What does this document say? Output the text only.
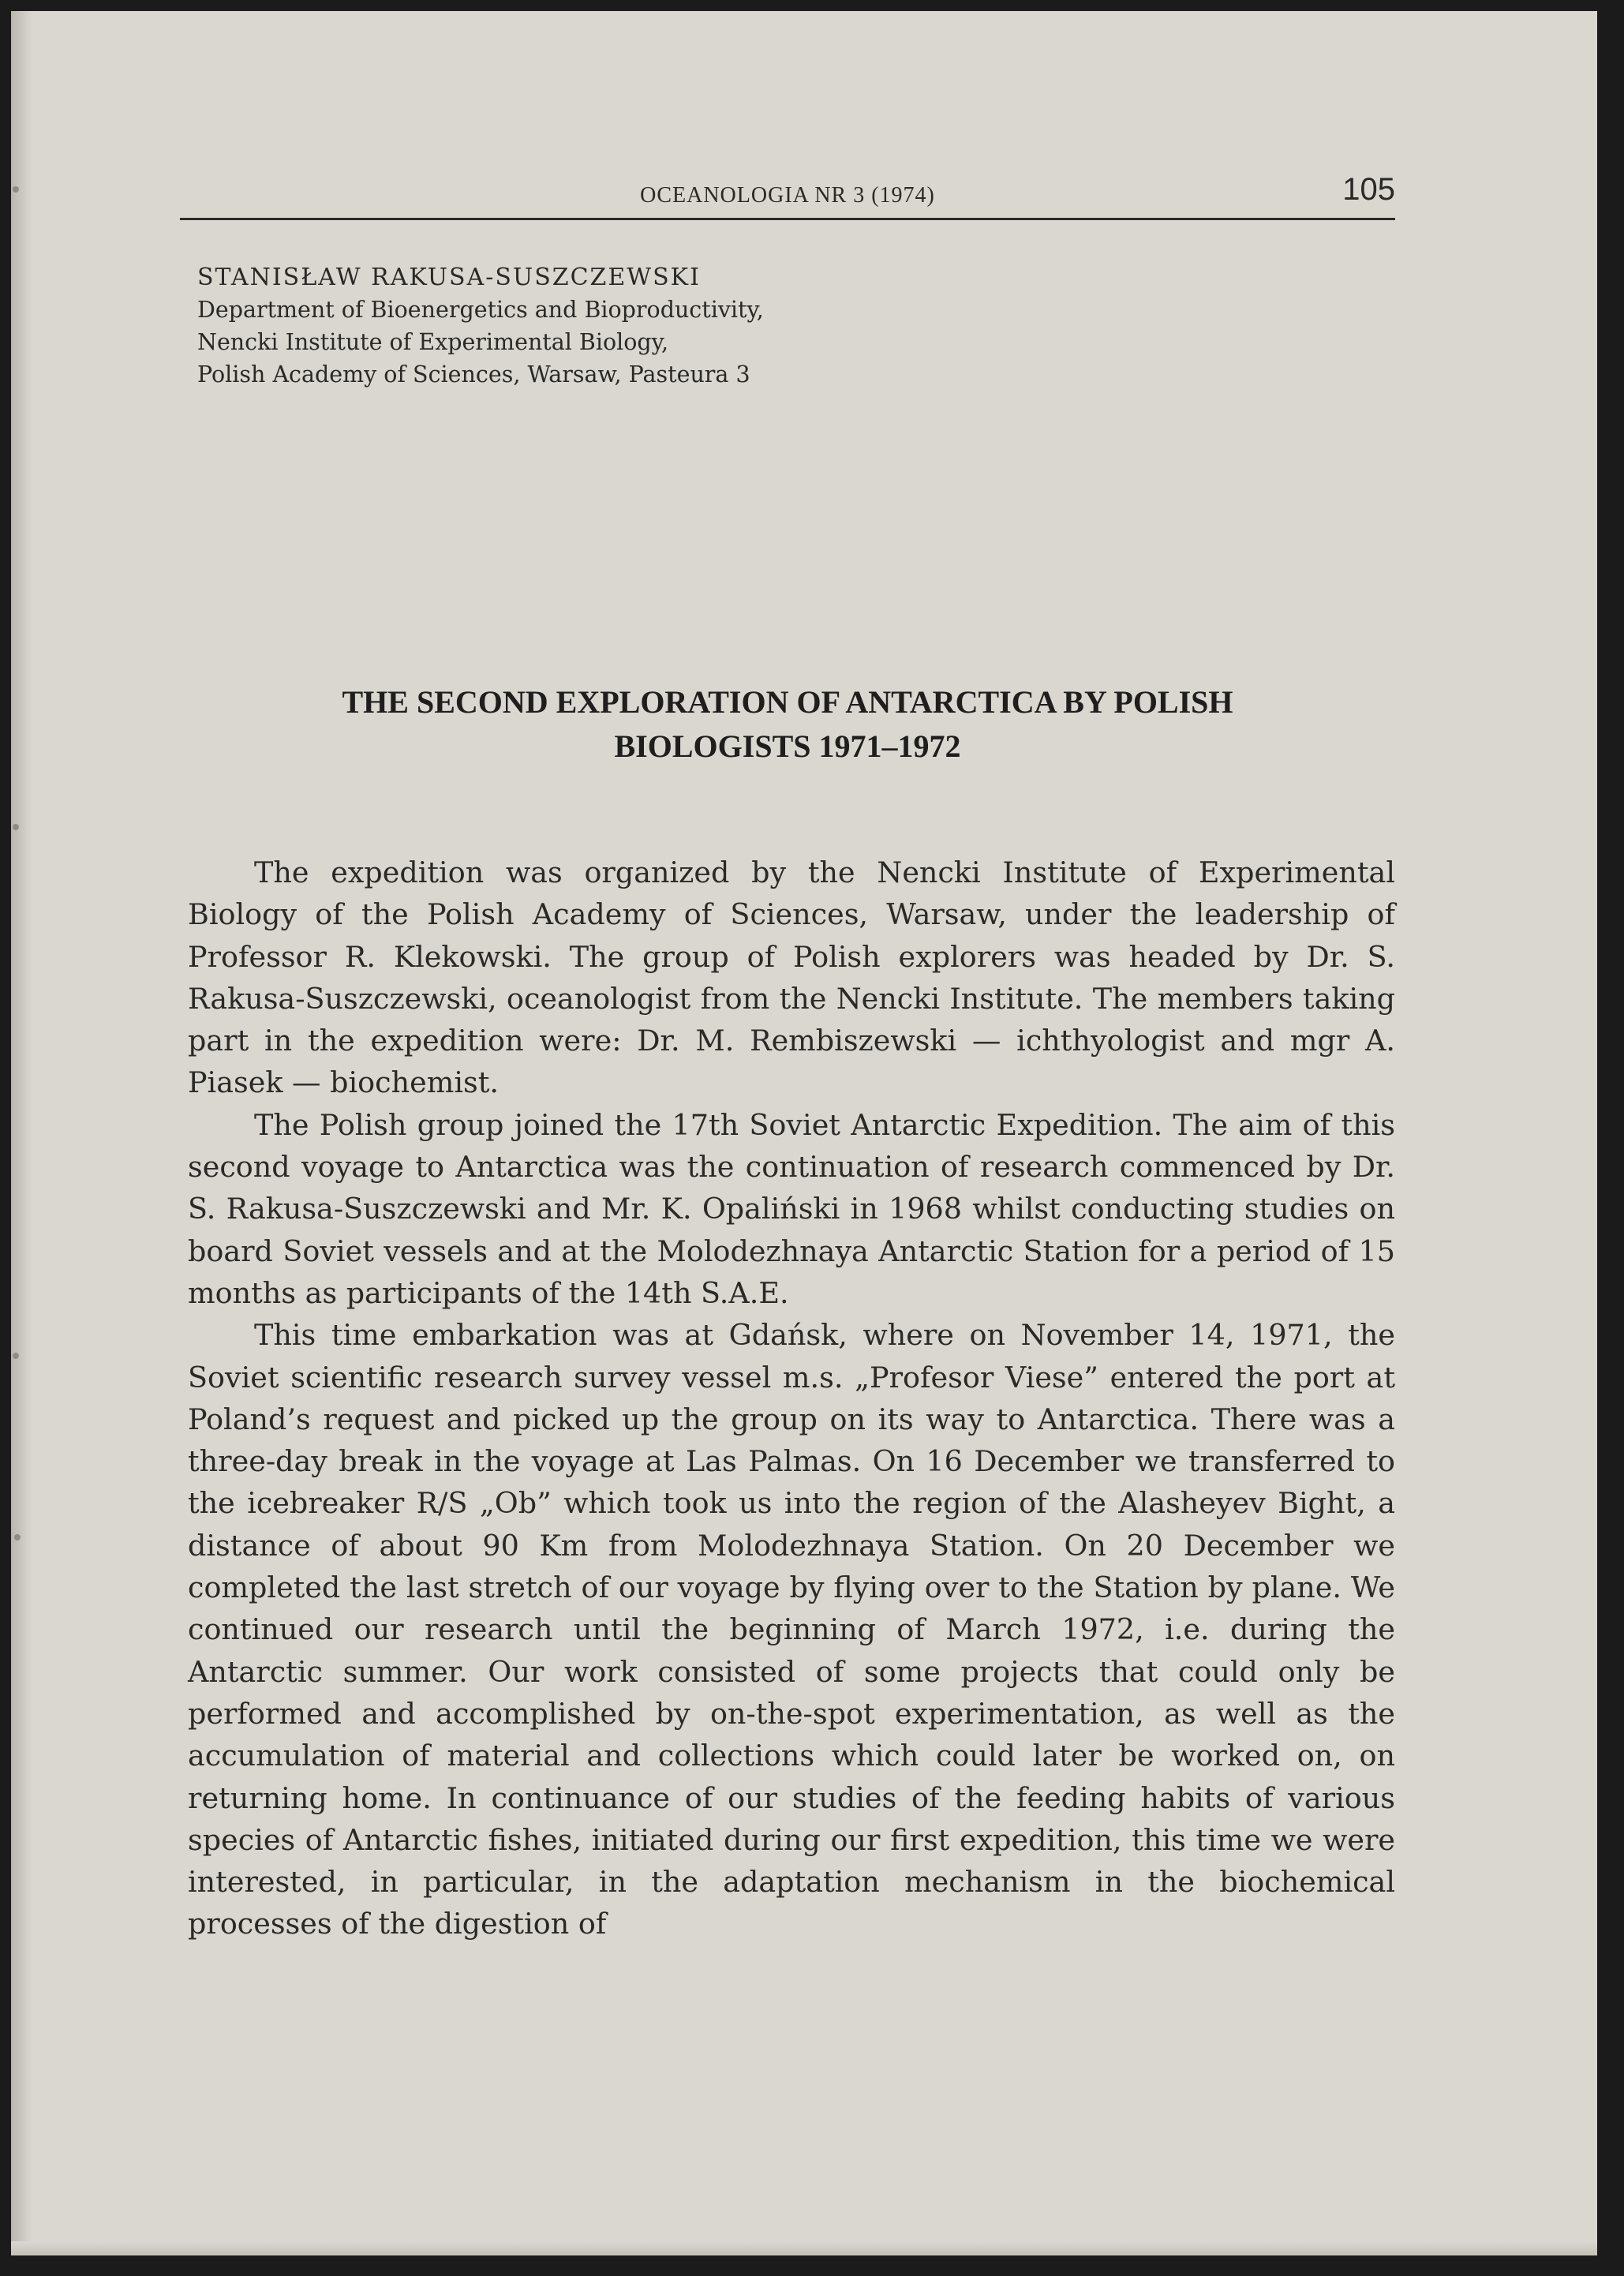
OCEANOLOGIA NR 3 (1974)	105
STANISŁAW RAKUSA-SUSZCZEWSKI
Department of Bioenergetics and Bioproductivity,
Nencki Institute of Experimental Biology,
Polish Academy of Sciences, Warsaw, Pasteura 3
THE SECOND EXPLORATION OF ANTARCTICA BY POLISH
BIOLOGISTS 1971–1972

The expedition was organized by the Nencki Institute of Experimental Biology of the Polish Academy of Sciences, Warsaw, under the leadership of Professor R. Klekowski. The group of Polish explorers was headed by Dr. S. Rakusa-Suszczewski, oceanologist from the Nencki Institute. The members taking part in the expedition were: Dr. M. Rembiszewski — ichthyologist and mgr A. Piasek — biochemist.

The Polish group joined the 17th Soviet Antarctic Expedition. The aim of this second voyage to Antarctica was the continuation of research commenced by Dr. S. Rakusa-Suszczewski and Mr. K. Opaliński in 1968 whilst conducting studies on board Soviet vessels and at the Molodezhnaya Antarctic Station for a period of 15 months as participants of the 14th S.A.E.

This time embarkation was at Gdańsk, where on November 14, 1971, the Soviet scientific research survey vessel m.s. „Profesor Viese” entered the port at Poland’s request and picked up the group on its way to Antarctica. There was a three-day break in the voyage at Las Palmas. On 16 December we transferred to the icebreaker R/S „Ob” which took us into the region of the Alasheyev Bight, a distance of about 90 Km from Molodezhnaya Station. On 20 December we completed the last stretch of our voyage by flying over to the Station by plane. We continued our research until the beginning of March 1972, i.e. during the Antarctic summer. Our work consisted of some projects that could only be performed and accomplished by on-the-spot experimentation, as well as the accumulation of material and collections which could later be worked on, on returning home. In continuance of our studies of the feeding habits of various species of Antarctic fishes, initiated during our first expedition, this time we were interested, in particular, in the adaptation mechanism in the biochemical processes of the digestion of
